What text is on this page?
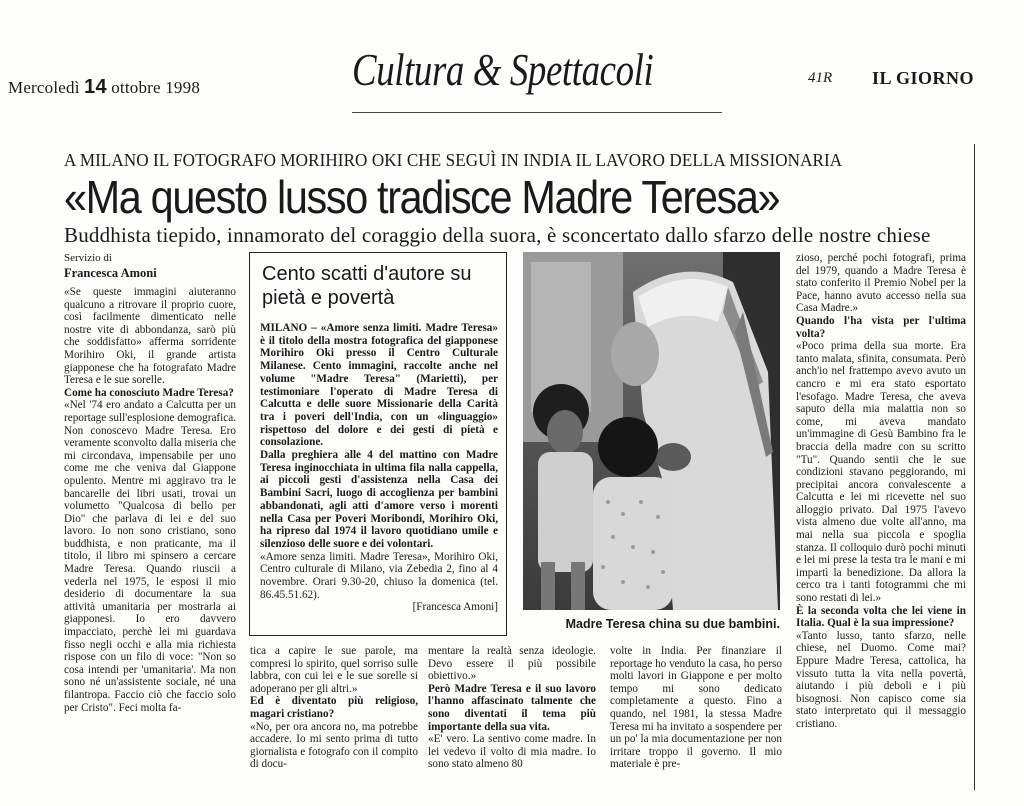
Mercoledì 14 ottobre 1998	Cultura & Spettacoli	41R IL GIORNO
A MILANO IL FOTOGRAFO MORIHIRO OKI CHE SEGUÌ IN INDIA IL LAVORO DELLA MISSIONARIA
«Ma questo lusso tradisce Madre Teresa»
Buddhista tiepido, innamorato del coraggio della suora, è sconcertato dallo sfarzo delle nostre chiese
Servizio di
Francesca Amoni

«Se queste immagini aiuteranno qualcuno a ritrovare il proprio cuore, così facilmente dimenticato nelle nostre vite di abbondanza, sarò più che soddisfatto» afferma sorridente Morihiro Oki, il grande artista giapponese che ha fotografato Madre Teresa e le sue sorelle.

Come ha conosciuto Madre Teresa?

«Nel '74 ero andato a Calcutta per un reportage sull'esplosione demografica. Non conoscevo Madre Teresa. Ero veramente sconvolto dalla miseria che mi circondava, impensabile per uno come me che veniva dal Giappone opulento. Mentre mi aggiravo tra le bancarelle dei libri usati, trovai un volumetto "Qualcosa di bello per Dio" che parlava di lei e del suo lavoro. Io non sono cristiano, sono buddhista, e non praticante, ma il titolo, il libro mi spinsero a cercare Madre Teresa. Quando riuscii a vederla nel 1975, le esposi il mio desiderio di documentare la sua attività umanitaria per mostrarla ai giapponesi. Io ero davvero impacciato, perchè lei mi guardava fisso negli occhi e alla mia richiesta rispose con un filo di voce: "Non so cosa intendi per 'umanitaria'. Ma non sono né un'assistente sociale, né una filantropa. Faccio ciò che faccio solo per Cristo". Feci molta fa-

Cento scatti d'autore su pietà e povertà

MILANO – «Amore senza limiti. Madre Teresa» è il titolo della mostra fotografica del giapponese Morihiro Oki presso il Centro Culturale Milanese. Cento immagini, raccolte anche nel volume "Madre Teresa" (Marietti), per testimoniare l'operato di Madre Teresa di Calcutta e delle suore Missionarie della Carità tra i poveri dell'India, con un «linguaggio» rispettoso del dolore e dei gesti di pietà e consolazione.

Dalla preghiera alle 4 del mattino con Madre Teresa inginocchiata in ultima fila nalla cappella, ai piccoli gesti d'assistenza nella Casa dei Bambini Sacri, luogo di accoglienza per bambini abbandonati, agli atti d'amore verso i morenti nella Casa per Poveri Moribondi, Morihiro Oki, ha ripreso dal 1974 il lavoro quotidiano umile e silenzioso delle suore e dei volontari.

«Amore senza limiti. Madre Teresa», Morihiro Oki, Centro culturale di Milano, via Zebedia 2, fino al 4 novembre. Orari 9.30-20, chiuso la domenica (tel. 86.45.51.62).

[Francesca Amoni]

Madre Teresa china su due bambini.

tica a capire le sue parole, ma compresi lo spirito, quel sorriso sulle labbra, con cui lei e le sue sorelle si adoperano per gli altri.»

Ed è diventato più religioso, magari cristiano?

«No, per ora ancora no, ma potrebbe accadere. Io mi sento prima di tutto giornalista e fotografo con il compito di docu-

mentare la realtà senza ideologie. Devo essere il più possibile obiettivo.»

Però Madre Teresa e il suo lavoro l'hanno affascinato talmente che sono diventati il tema più importante della sua vita.

«E' vero. La sentivo come madre. In lei vedevo il volto di mia madre. Io sono stato almeno 80

volte in India. Per finanziare il reportage ho venduto la casa, ho perso molti lavori in Giappone e per molto tempo mi sono dedicato completamente a questo. Fino a quando, nel 1981, la stessa Madre Teresa mi ha invitato a sospendere per un po' la mia documentazione per non irritare troppo il governo. Il mio materiale è pre-

zioso, perché pochi fotografi, prima del 1979, quando a Madre Teresa è stato conferito il Premio Nobel per la Pace, hanno avuto accesso nella sua Casa Madre.»

Quando l'ha vista per l'ultima volta?

«Poco prima della sua morte. Era tanto malata, sfinita, consumata. Però anch'io nel frattempo avevo avuto un cancro e mi era stato esportato l'esofago. Madre Teresa, che aveva saputo della mia malattia non so come, mi aveva mandato un'immagine di Gesù Bambino fra le braccia della madre con su scritto "Tu". Quando sentii che le sue condizioni stavano peggiorando, mi precipitai ancora convalescente a Calcutta e lei mi ricevette nel suo alloggio privato. Dal 1975 l'avevo vista almeno due volte all'anno, ma mai nella sua piccola e spoglia stanza. Il colloquio durò pochi minuti e lei mi prese la testa tra le mani e mi impartì la benedizione. Da allora la cerco tra i tanti fotogrammi che mi sono restati di lei.»

È la seconda volta che lei viene in Italia. Qual è la sua impressione?

«Tanto lusso, tanto sfarzo, nelle chiese, nel Duomo. Come mai? Eppure Madre Teresa, cattolica, ha vissuto tutta la vita nella povertà, aiutando i più deboli e i più bisognosi. Non capisco come sia stato interpretato qui il messaggio cristiano.
